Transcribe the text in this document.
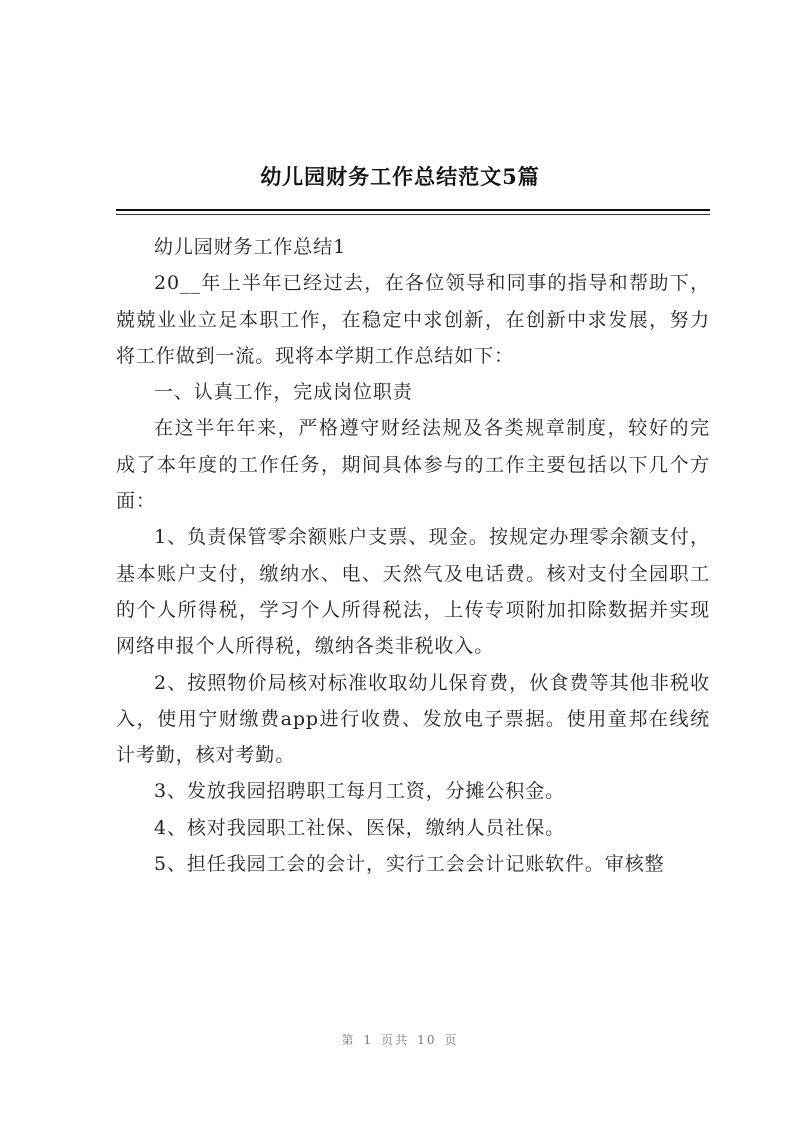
幼儿园财务工作总结范文5篇

幼儿园财务工作总结1

20__年上半年已经过去，在各位领导和同事的指导和帮助下，兢兢业业立足本职工作，在稳定中求创新，在创新中求发展，努力将工作做到一流。现将本学期工作总结如下：

一、认真工作，完成岗位职责

在这半年年来，严格遵守财经法规及各类规章制度，较好的完成了本年度的工作任务，期间具体参与的工作主要包括以下几个方面：

1、负责保管零余额账户支票、现金。按规定办理零余额支付，基本账户支付，缴纳水、电、天然气及电话费。核对支付全园职工的个人所得税，学习个人所得税法，上传专项附加扣除数据并实现网络申报个人所得税，缴纳各类非税收入。

2、按照物价局核对标准收取幼儿保育费，伙食费等其他非税收入，使用宁财缴费app进行收费、发放电子票据。使用童邦在线统计考勤，核对考勤。

3、发放我园招聘职工每月工资，分摊公积金。

4、核对我园职工社保、医保，缴纳人员社保。

5、担任我园工会的会计，实行工会会计记账软件。审核整

第 1 页共 10 页
